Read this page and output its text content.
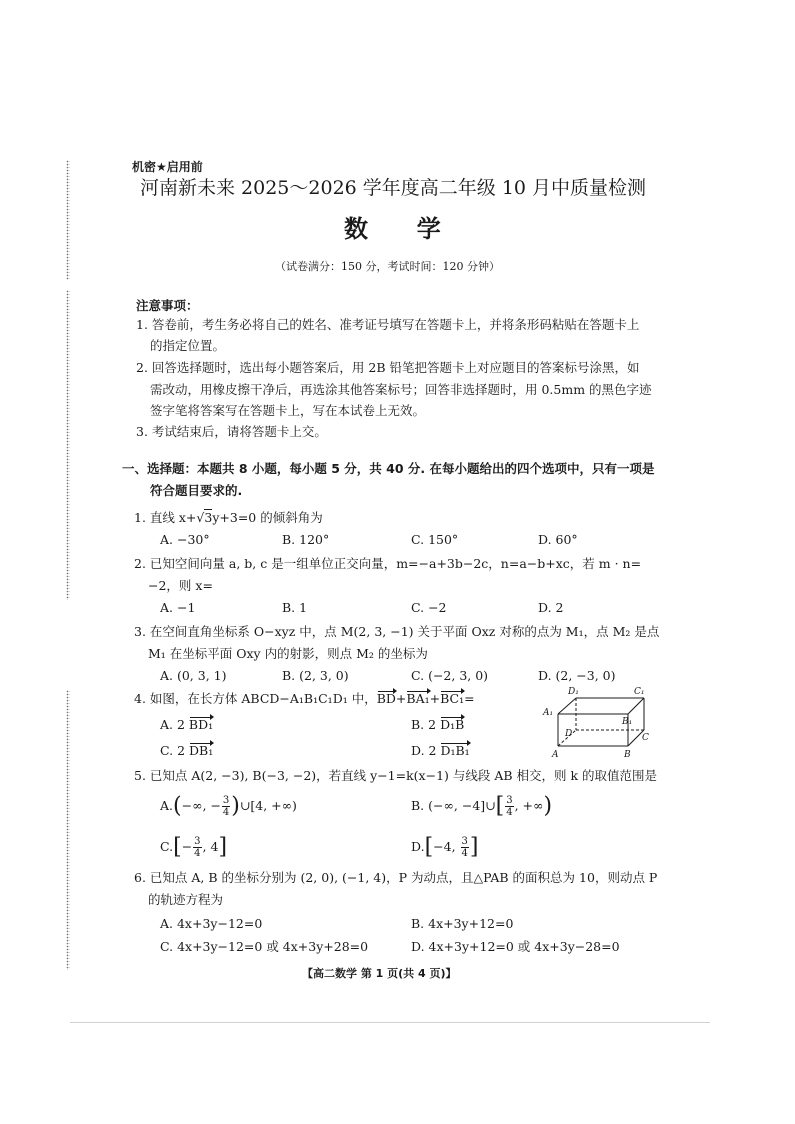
机密★启用前
河南新未来 2025～2026 学年度高二年级 10 月中质量检测
数  学
（试卷满分：150 分，考试时间：120 分钟）
注意事项：
1. 答卷前，考生务必将自己的姓名、准考证号填写在答题卡上，并将条形码粘贴在答题卡上
的指定位置。
2. 回答选择题时，选出每小题答案后，用 2B 铅笔把答题卡上对应题目的答案标号涂黑，如
需改动，用橡皮擦干净后，再选涂其他答案标号；回答非选择题时，用 0.5mm 的黑色字迹
签字笔将答案写在答题卡上，写在本试卷上无效。
3. 考试结束后，请将答题卡上交。
一、选择题：本题共 8 小题，每小题 5 分，共 40 分. 在每小题给出的四个选项中，只有一项是
符合题目要求的.
1. 直线 x+√3y+3=0 的倾斜角为
A. −30°	B. 120°	C. 150°	D. 60°
2. 已知空间向量 a, b, c 是一组单位正交向量，m=−a+3b−2c，n=a−b+xc，若 m · n=
−2，则 x=
A. −1	B. 1	C. −2	D. 2
3. 在空间直角坐标系 O−xyz 中，点 M(2, 3, −1) 关于平面 Oxz 对称的点为 M₁，点 M₂ 是点
M₁ 在坐标平面 Oxy 内的射影，则点 M₂ 的坐标为
A. (0, 3, 1)	B. (2, 3, 0)	C. (−2, 3, 0)	D. (2, −3, 0)
4. 如图，在长方体 ABCD−A₁B₁C₁D₁ 中，BD+BA₁+BC₁=
A. 2 BD₁	B. 2 D₁B
C. 2 DB₁	D. 2 D₁B₁
D₁	C₁
A₁
B₁
D	C
A	B
5. 已知点 A(2, −3), B(−3, −2)，若直线 y−1=k(x−1) 与线段 AB 相交，则 k 的取值范围是
A.(−∞, − $\frac{3}{4}$ )∪[4, +∞)	B. (−∞, −4]∪[ $\frac{3}{4}$ , +∞)
$C.[- \frac{3}{4}$ , 4]	D.[−4, $\frac{3}{4}$ ]
6. 已知点 A, B 的坐标分别为 (2, 0), (−1, 4)，P 为动点，且△PAB 的面积总为 10，则动点 P
的轨迹方程为
A. 4x+3y−12=0	B. 4x+3y+12=0
C. 4x+3y−12=0 或 4x+3y+28=0	D. 4x+3y+12=0 或 4x+3y−28=0
【高二数学 第 1 页(共 4 页)】
